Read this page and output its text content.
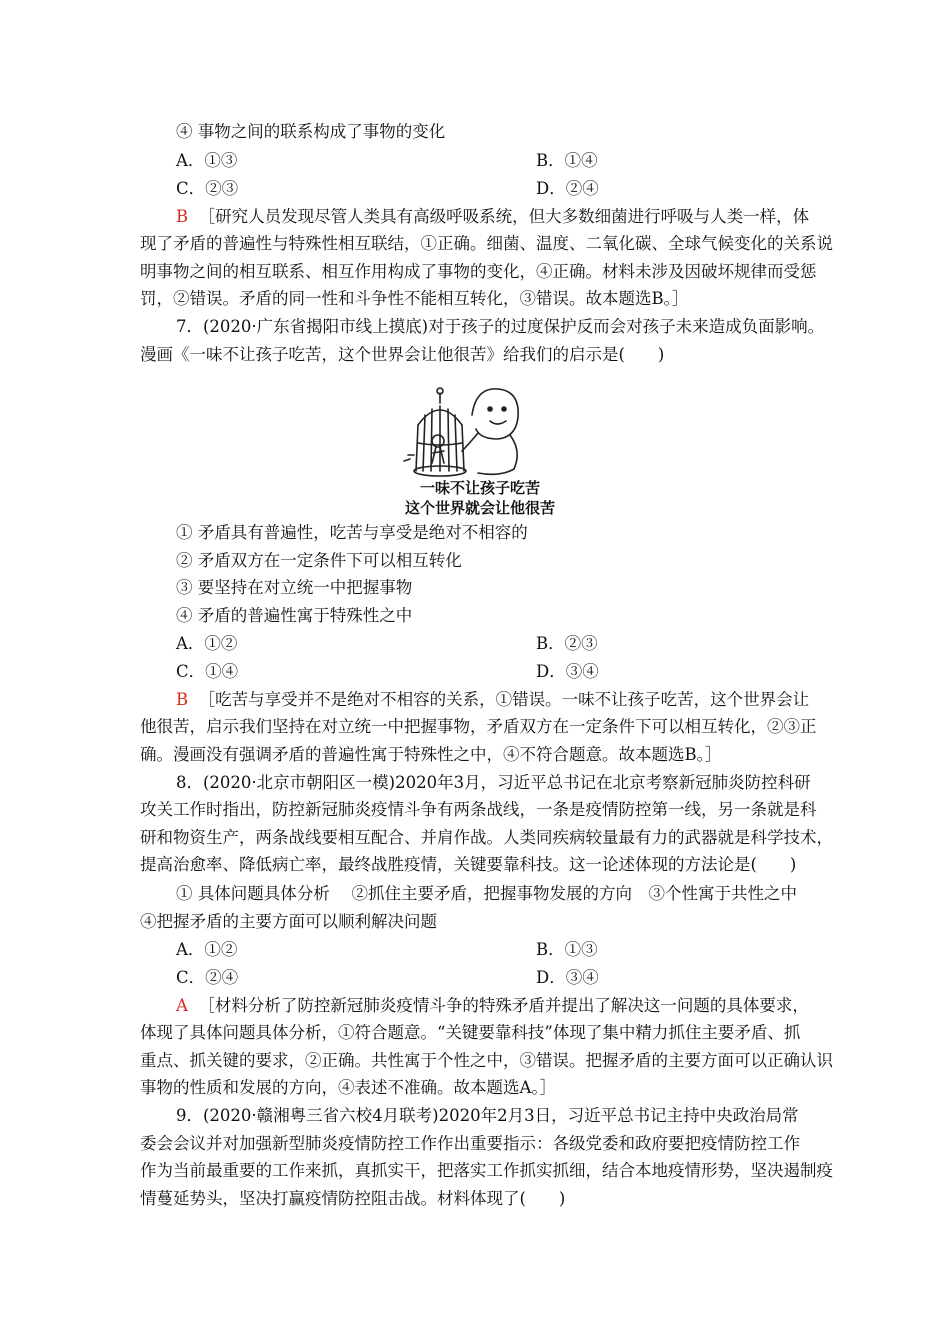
④ 事物之间的联系构成了事物的变化
A．①③	B．①④
C．②③	D．②④
B ［研究人员发现尽管人类具有高级呼吸系统，但大多数细菌进行呼吸与人类一样，体
现了矛盾的普遍性与特殊性相互联结，①正确。细菌、温度、二氧化碳、全球气候变化的关系说
明事物之间的相互联系、相互作用构成了事物的变化，④正确。材料未涉及因破坏规律而受惩
罚，②错误。矛盾的同一性和斗争性不能相互转化，③错误。故本题选B。］
7．(2020·广东省揭阳市线上摸底)对于孩子的过度保护反而会对孩子未来造成负面影响。
漫画《一味不让孩子吃苦，这个世界会让他很苦》给我们的启示是(　　)
一味不让孩子吃苦
这个世界就会让他很苦
① 矛盾具有普遍性，吃苦与享受是绝对不相容的
② 矛盾双方在一定条件下可以相互转化
③ 要坚持在对立统一中把握事物
④ 矛盾的普遍性寓于特殊性之中
A．①②	B．②③
C．①④	D．③④
B ［吃苦与享受并不是绝对不相容的关系，①错误。一味不让孩子吃苦，这个世界会让
他很苦，启示我们坚持在对立统一中把握事物，矛盾双方在一定条件下可以相互转化，②③正
确。漫画没有强调矛盾的普遍性寓于特殊性之中，④不符合题意。故本题选B。］
8．(2020·北京市朝阳区一模)2020年3月，习近平总书记在北京考察新冠肺炎防控科研
攻关工作时指出，防控新冠肺炎疫情斗争有两条战线，一条是疫情防控第一线，另一条就是科
研和物资生产，两条战线要相互配合、并肩作战。人类同疾病较量最有力的武器就是科学技术，
提高治愈率、降低病亡率，最终战胜疫情，关键要靠科技。这一论述体现的方法论是(　　)
① 具体问题具体分析　 ②抓住主要矛盾，把握事物发展的方向　③个性寓于共性之中
④把握矛盾的主要方面可以顺利解决问题
A．①②	B．①③
C．②④	D．③④
A ［材料分析了防控新冠肺炎疫情斗争的特殊矛盾并提出了解决这一问题的具体要求，
体现了具体问题具体分析，①符合题意。“关键要靠科技”体现了集中精力抓住主要矛盾、抓
重点、抓关键的要求，②正确。共性寓于个性之中，③错误。把握矛盾的主要方面可以正确认识
事物的性质和发展的方向，④表述不准确。故本题选A。］
9．(2020·赣湘粤三省六校4月联考)2020年2月3日，习近平总书记主持中央政治局常
委会会议并对加强新型肺炎疫情防控工作作出重要指示：各级党委和政府要把疫情防控工作
作为当前最重要的工作来抓，真抓实干，把落实工作抓实抓细，结合本地疫情形势，坚决遏制疫
情蔓延势头，坚决打赢疫情防控阻击战。材料体现了(　　)
